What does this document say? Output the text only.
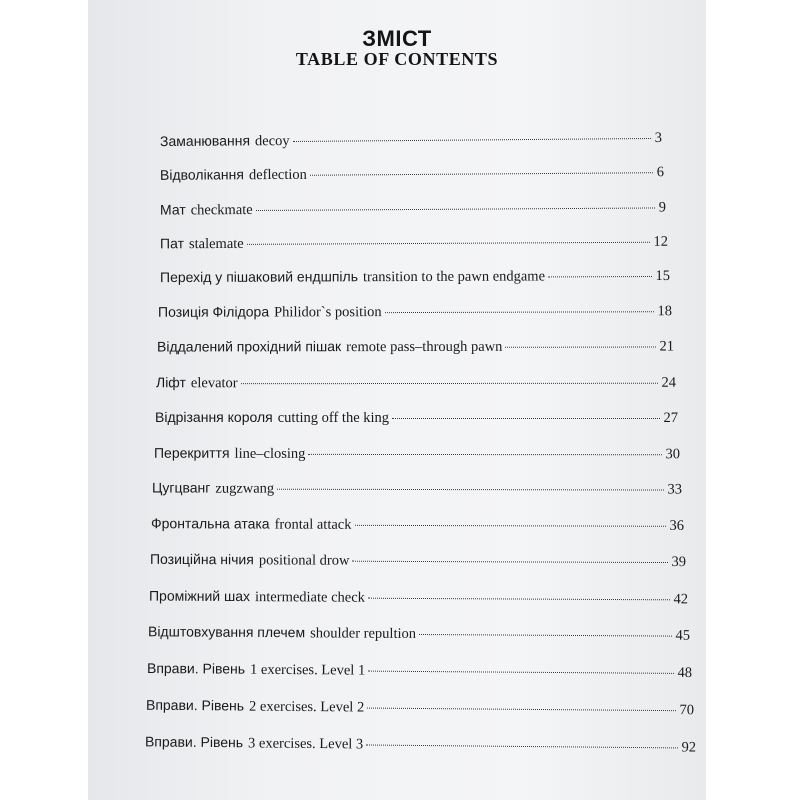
ЗМІСТ
TABLE OF CONTENTS
Заманювання decoy	3
Відволікання deflection	6
Мат checkmate	9
Пат stalemate	12
Перехід у пішаковий ендшпіль transition to the pawn endgame	15
Позиція Філідора Philidor`s position	18
Віддалений прохідний пішак remote pass–through pawn	21
Ліфт elevator	24
Відрізання короля cutting off the king	27
Перекриття line–closing	30
Цугцванг zugzwang	33
Фронтальна атака frontal attack	36
Позиційна нічия positional drow	39
Проміжний шах intermediate check	42
Відштовхування плечем shoulder repultion	45
Вправи. Рівень 1 exercises. Level 1	48
Вправи. Рівень 2 exercises. Level 2	70
Вправи. Рівень 3 exercises. Level 3	92
